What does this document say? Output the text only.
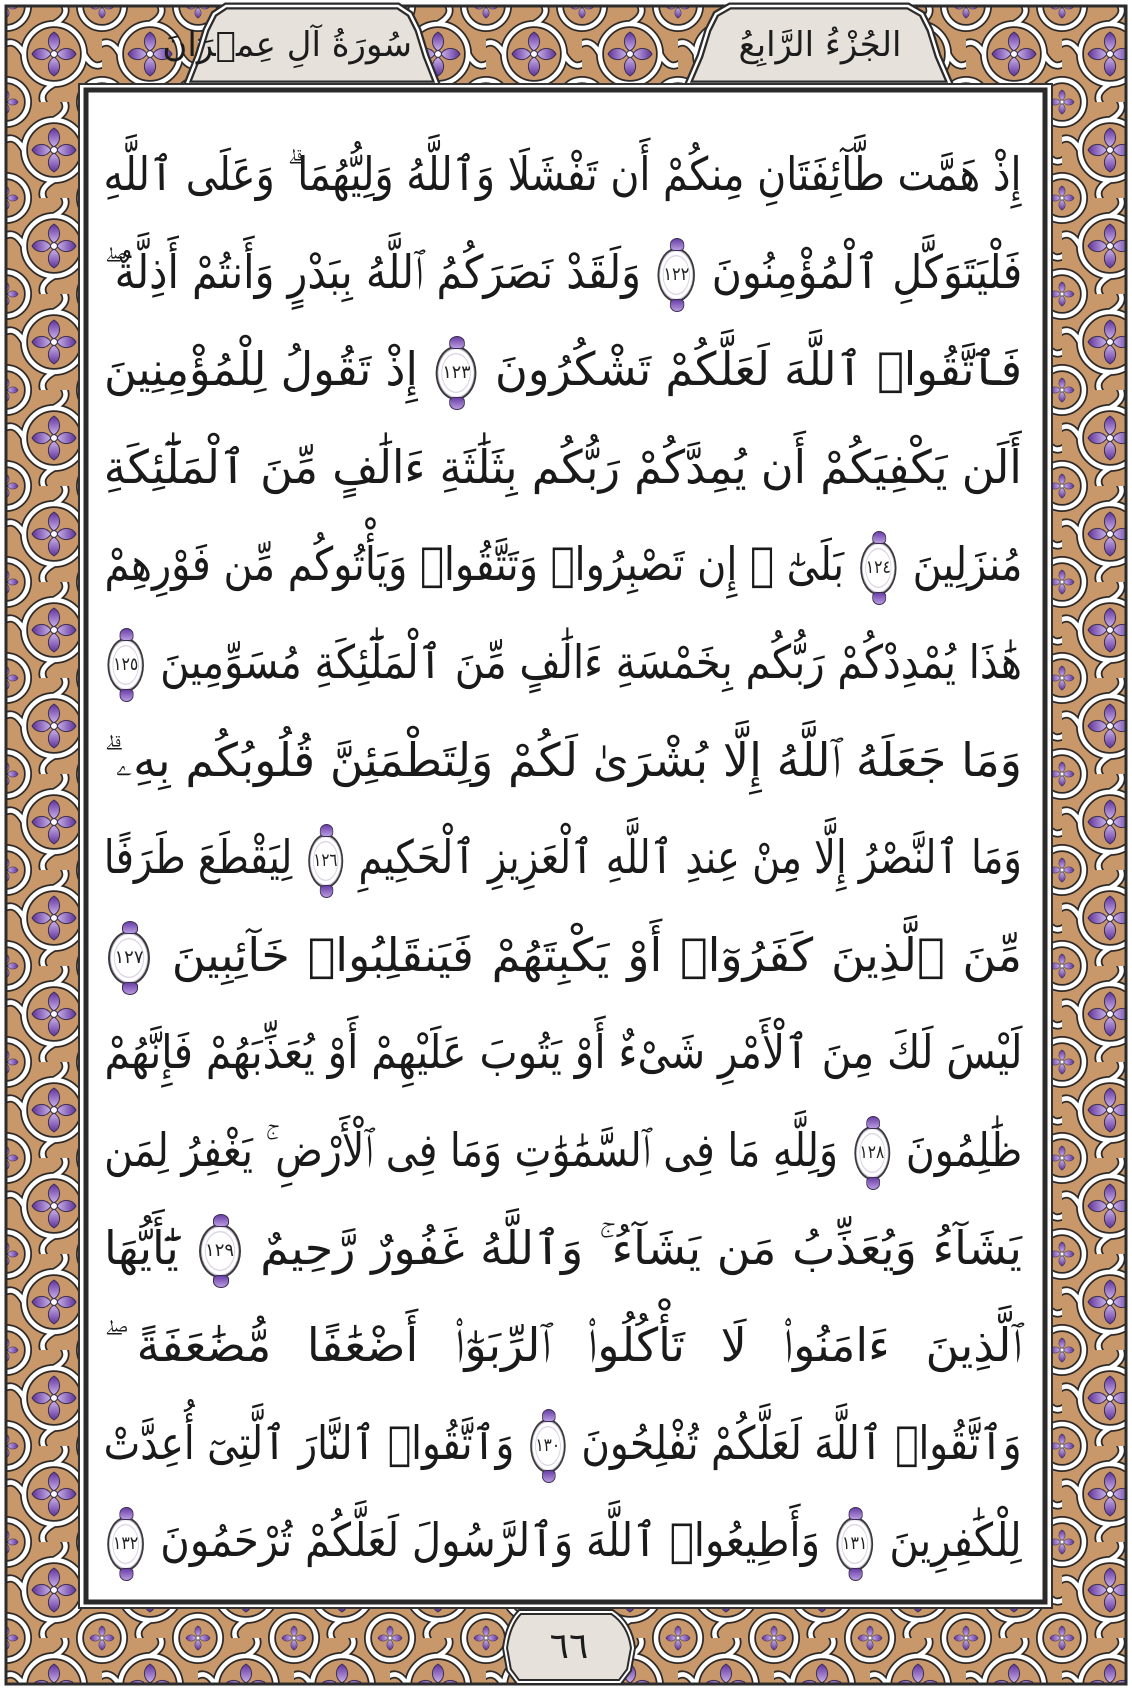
سُورَةُ آلِ عِمۡرَانَ	الجُزْءُ الرَّابِعُ
إِذْ هَمَّت طَّآئِفَتَانِ مِنكُمْ أَن تَفْشَلَا وَٱللَّهُ وَلِيُّهُمَا ۗ وَعَلَى ٱللَّهِ
فَلْيَتَوَكَّلِ ٱلْمُؤْمِنُونَ ١٢٢ وَلَقَدْ نَصَرَكُمُ ٱللَّهُ بِبَدْرٍ وَأَنتُمْ أَذِلَّةٌ ۖ
فَٱتَّقُوا۟ ٱللَّهَ لَعَلَّكُمْ تَشْكُرُونَ ١٢٣ إِذْ تَقُولُ لِلْمُؤْمِنِينَ
أَلَن يَكْفِيَكُمْ أَن يُمِدَّكُمْ رَبُّكُم بِثَلَٰثَةِ ءَالَٰفٍ مِّنَ ٱلْمَلَٰٓئِكَةِ
مُنزَلِينَ ١٢٤ بَلَىٰٓ ۚ إِن تَصْبِرُوا۟ وَتَتَّقُوا۟ وَيَأْتُوكُم مِّن فَوْرِهِمْ
هَٰذَا يُمْدِدْكُمْ رَبُّكُم بِخَمْسَةِ ءَالَٰفٍ مِّنَ ٱلْمَلَٰٓئِكَةِ مُسَوِّمِينَ ١٢٥
وَمَا جَعَلَهُ ٱللَّهُ إِلَّا بُشْرَىٰ لَكُمْ وَلِتَطْمَئِنَّ قُلُوبُكُم بِهِۦ ۗ
وَمَا ٱلنَّصْرُ إِلَّا مِنْ عِندِ ٱللَّهِ ٱلْعَزِيزِ ٱلْحَكِيمِ ١٢٦ لِيَقْطَعَ طَرَفًا
مِّنَ ٱلَّذِينَ كَفَرُوٓا۟ أَوْ يَكْبِتَهُمْ فَيَنقَلِبُوا۟ خَآئِبِينَ ١٢٧
لَيْسَ لَكَ مِنَ ٱلْأَمْرِ شَىْءٌ أَوْ يَتُوبَ عَلَيْهِمْ أَوْ يُعَذِّبَهُمْ فَإِنَّهُمْ
ظَٰلِمُونَ ١٢٨ وَلِلَّهِ مَا فِى ٱلسَّمَٰوَٰتِ وَمَا فِى ٱلْأَرْضِ ۚ يَغْفِرُ لِمَن
يَشَآءُ وَيُعَذِّبُ مَن يَشَآءُ ۚ وَٱللَّهُ غَفُورٌ رَّحِيمٌ ١٢٩ يَٰٓأَيُّهَا
ٱلَّذِينَ ءَامَنُوا۟ لَا تَأْكُلُوا۟ ٱلرِّبَوٰٓا۟ أَضْعَٰفًا مُّضَٰعَفَةً ۖ
وَٱتَّقُوا۟ ٱللَّهَ لَعَلَّكُمْ تُفْلِحُونَ ١٣٠ وَٱتَّقُوا۟ ٱلنَّارَ ٱلَّتِىٓ أُعِدَّتْ
لِلْكَٰفِرِينَ ١٣١ وَأَطِيعُوا۟ ٱللَّهَ وَٱلرَّسُولَ لَعَلَّكُمْ تُرْحَمُونَ ١٣٢
٦٦
